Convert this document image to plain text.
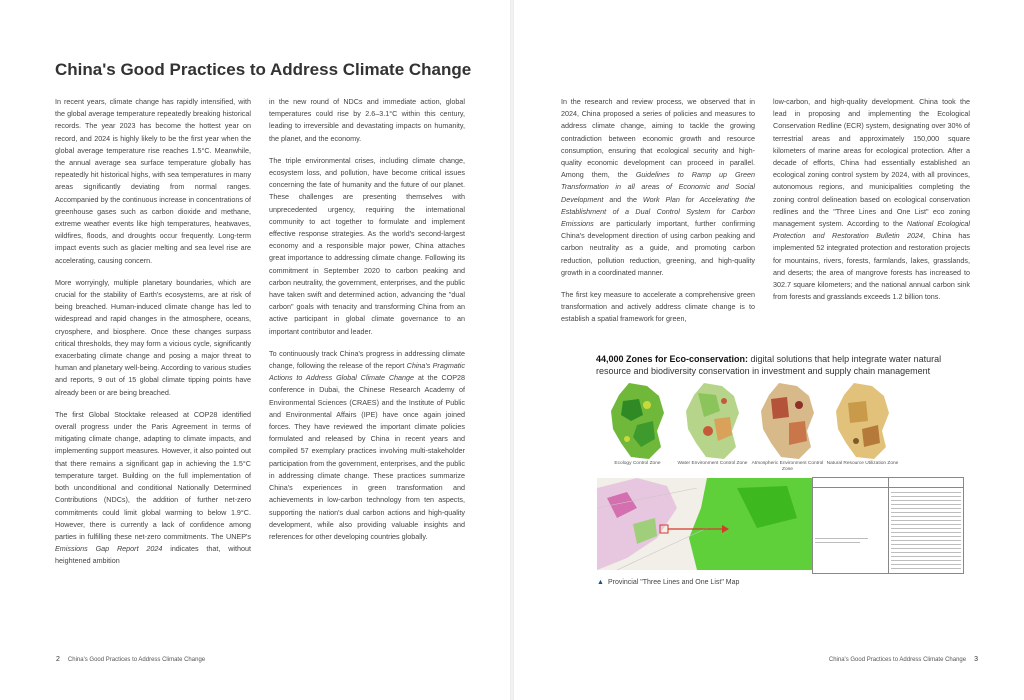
China's Good Practices to Address Climate Change

In recent years, climate change has rapidly intensified, with the global average temperature repeatedly breaking historical records. The year 2023 has become the hottest year on record, and 2024 is highly likely to be the first year when the global average temperature rise reaches 1.5°C. Meanwhile, the annual average sea surface temperature globally has repeatedly hit historical highs, with sea temperatures in many areas significantly deviating from normal ranges. Accompanied by the continuous increase in concentrations of greenhouse gases such as carbon dioxide and methane, extreme weather events like high temperatures, heatwaves, wildfires, floods, and droughts occur frequently. Long-term impact events such as glacier melting and sea level rise are accelerating, causing concern.

More worryingly, multiple planetary boundaries, which are crucial for the stability of Earth's ecosystems, are at risk of being breached. Human-induced climate change has led to widespread and rapid changes in the atmosphere, oceans, cryosphere, and biosphere. Once these changes surpass critical thresholds, they may form a vicious cycle, significantly exacerbating climate change and posing a major threat to human and planetary well-being. According to various studies and reports, 9 out of 15 global climate tipping points have already been or are being breached.

The first Global Stocktake released at COP28 identified overall progress under the Paris Agreement in terms of mitigating climate change, adapting to climate impacts, and implementing support measures. However, it also pointed out that there remains a significant gap in achieving the 1.5°C temperature target. Building on the full implementation of both unconditional and conditional Nationally Determined Contributions (NDCs), the addition of further net-zero commitments could limit global warming to below 1.9°C. However, there is currently a lack of confidence among parties in fulfilling these net-zero commitments. The UNEP's Emissions Gap Report 2024 indicates that, without heightened ambition

in the new round of NDCs and immediate action, global temperatures could rise by 2.6–3.1°C within this century, leading to irreversible and devastating impacts on humanity, the planet, and the economy.

The triple environmental crises, including climate change, ecosystem loss, and pollution, have become critical issues concerning the fate of humanity and the future of our planet. These challenges are presenting themselves with unprecedented urgency, requiring the international community to act together to formulate and implement effective response strategies. As the world's second-largest economy and a responsible major power, China attaches great importance to addressing climate change. Following its commitment in September 2020 to carbon peaking and carbon neutrality, the government, enterprises, and the public have taken swift and determined action, advancing the "dual carbon" goals with tenacity and transforming China from an active participant in global climate governance to an important contributor and leader.

To continuously track China's progress in addressing climate change, following the release of the report China's Pragmatic Actions to Address Global Climate Change at the COP28 conference in Dubai, the Chinese Research Academy of Environmental Sciences (CRAES) and the Institute of Public and Environmental Affairs (IPE) have once again joined forces. They have reviewed the important climate policies formulated and released by China in recent years and compiled 57 exemplary practices involving multi-stakeholder participation from the government, enterprises, and the public in addressing climate change. These practices summarize China's experiences in green transformation and achievements in low-carbon technology from ten aspects, supporting the nation's dual carbon actions and high-quality development, while also providing valuable insights and references for other developing countries globally.

2 China's Good Practices to Address Climate Change

In the research and review process, we observed that in 2024, China proposed a series of policies and measures to address climate change, aiming to tackle the growing contradiction between economic growth and resource consumption, ensuring that ecological security and high-quality economic development can proceed in parallel. Among them, the Guidelines to Ramp up Green Transformation in all areas of Economic and Social Development and the Work Plan for Accelerating the Establishment of a Dual Control System for Carbon Emissions are particularly important, further confirming China's development direction of using carbon peaking and carbon neutrality as a guide, and promoting carbon reduction, pollution reduction, greening, and high-quality growth in a coordinated manner.

The first key measure to accelerate a comprehensive green transformation and actively address climate change is to establish a spatial framework for green,

low-carbon, and high-quality development. China took the lead in proposing and implementing the Ecological Conservation Redline (ECR) system, designating over 30% of terrestrial areas and approximately 150,000 square kilometers of marine areas for ecological protection. After a decade of efforts, China had essentially established an ecological zoning control system by 2024, with all provinces, autonomous regions, and municipalities completing the zoning control delineation based on ecological conservation redlines and the "Three Lines and One List" eco zoning management system. According to the National Ecological Protection and Restoration Bulletin 2024, China has implemented 52 integrated protection and restoration projects for mountains, rivers, forests, farmlands, lakes, grasslands, and deserts; the area of mangrove forests has increased to 302.7 square kilometers; and the national annual carbon sink from forests and grasslands exceeds 1.2 billion tons.

44,000 Zones for Eco-conservation: digital solutions that help integrate water natural resource and biodiversity conservation in investment and supply chain management
Ecology Control Zone	Water Environment Control Zone Atmospheric Environment Control Zone
Natural Resource Utilization Zone
▲ Provincial "Three Lines and One List" Map
China's Good Practices to Address Climate Change 3
